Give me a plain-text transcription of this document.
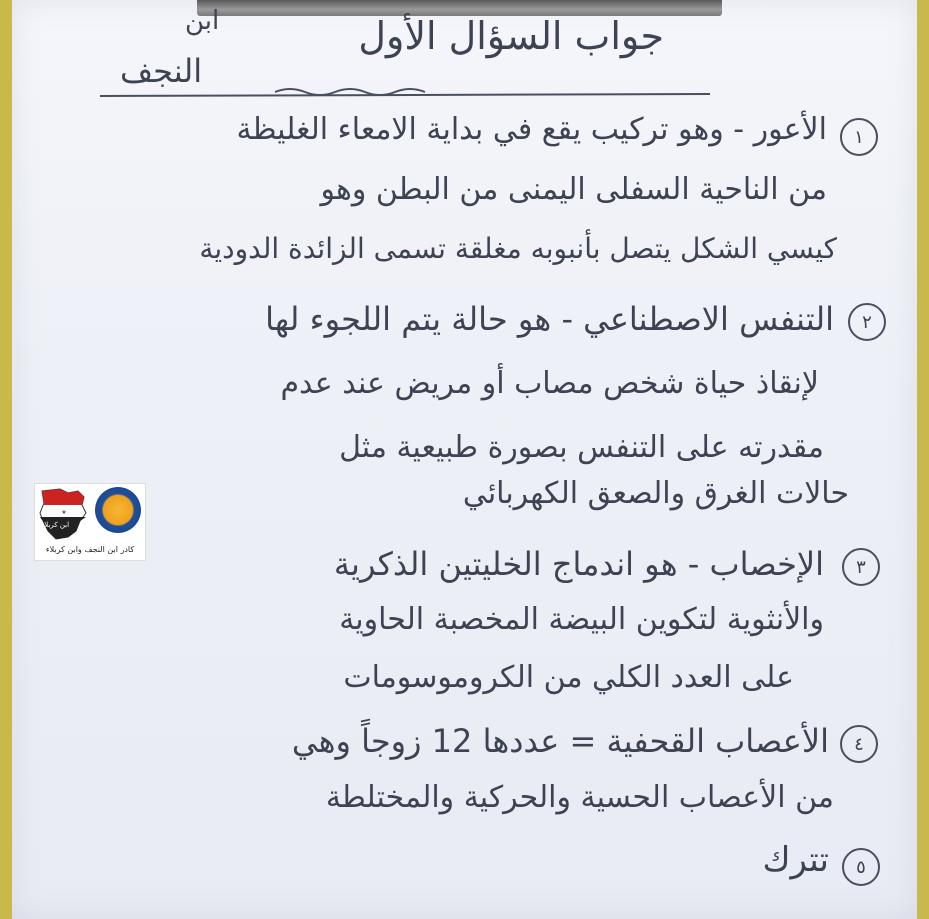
جواب السؤال الأول
ابن
النجف
١
الأعور - وهو تركيب يقع في بداية الامعاء الغليظة
من الناحية السفلى اليمنى من البطن وهو
كيسي الشكل يتصل بأنبوبه مغلقة تسمى الزائدة الدودية
٢
التنفس الاصطناعي - هو حالة يتم اللجوء لها
لإنقاذ حياة شخص مصاب أو مريض عند عدم
مقدرته على التنفس بصورة طبيعية مثل
حالات الغرق والصعق الكهربائي
٣
الإخصاب - هو اندماج الخليتين الذكرية
والأنثوية لتكوين البيضة المخصبة الحاوية
على العدد الكلي من الكروموسومات
٤
الأعصاب القحفية = عددها 12 زوجاً وهي
من الأعصاب الحسية والحركية والمختلطة
٥
تترك
★
ابن كربلاء
كادر ابن النجف وابن كربلاء
